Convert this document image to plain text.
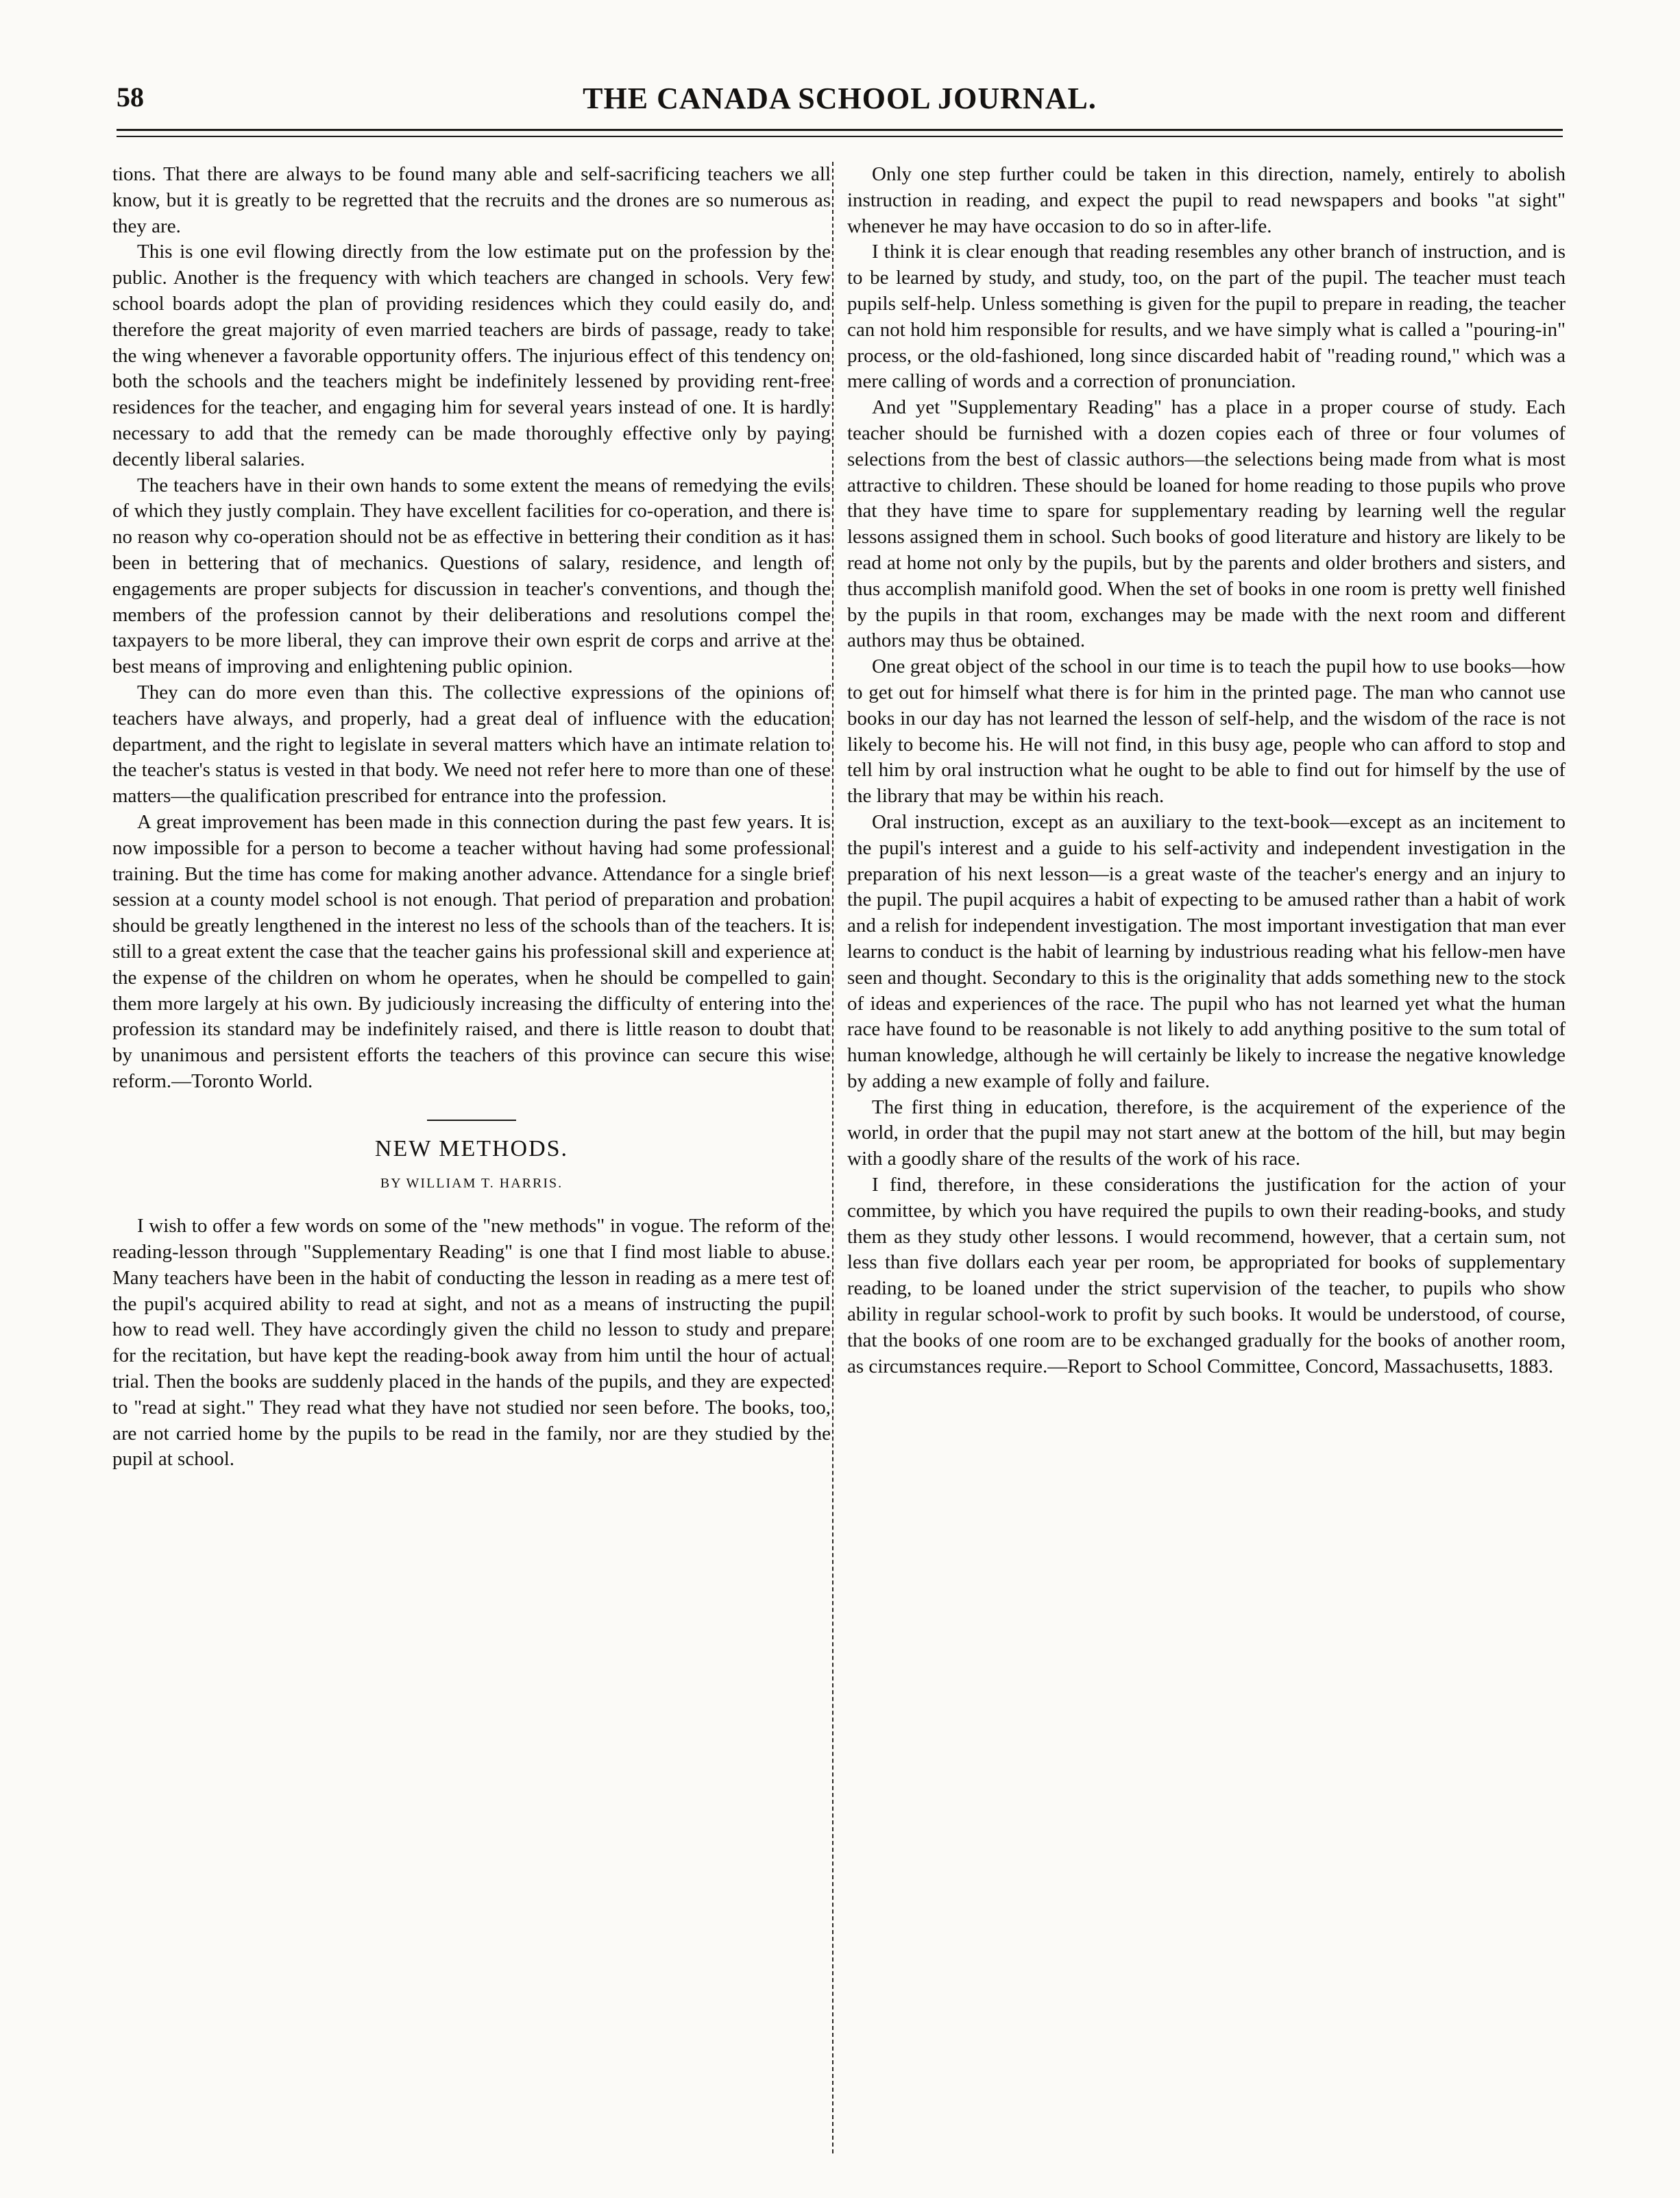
58	THE CANADA SCHOOL JOURNAL.

tions. That there are always to be found many able and self-sacrificing teachers we all know, but it is greatly to be regretted that the recruits and the drones are so numerous as they are.

This is one evil flowing directly from the low estimate put on the profession by the public. Another is the frequency with which teachers are changed in schools. Very few school boards adopt the plan of providing residences which they could easily do, and therefore the great majority of even married teachers are birds of passage, ready to take the wing whenever a favorable opportunity offers. The injurious effect of this tendency on both the schools and the teachers might be indefinitely lessened by providing rent-free residences for the teacher, and engaging him for several years instead of one. It is hardly necessary to add that the remedy can be made thoroughly effective only by paying decently liberal salaries.

The teachers have in their own hands to some extent the means of remedying the evils of which they justly complain. They have excellent facilities for co-operation, and there is no reason why co-operation should not be as effective in bettering their condition as it has been in bettering that of mechanics. Questions of salary, residence, and length of engagements are proper subjects for discussion in teacher's conventions, and though the members of the profession cannot by their deliberations and resolutions compel the taxpayers to be more liberal, they can improve their own esprit de corps and arrive at the best means of improving and enlightening public opinion.

They can do more even than this. The collective expressions of the opinions of teachers have always, and properly, had a great deal of influence with the education department, and the right to legislate in several matters which have an intimate relation to the teacher's status is vested in that body. We need not refer here to more than one of these matters—the qualification prescribed for entrance into the profession.

A great improvement has been made in this connection during the past few years. It is now impossible for a person to become a teacher without having had some professional training. But the time has come for making another advance. Attendance for a single brief session at a county model school is not enough. That period of preparation and probation should be greatly lengthened in the interest no less of the schools than of the teachers. It is still to a great extent the case that the teacher gains his professional skill and experience at the expense of the children on whom he operates, when he should be compelled to gain them more largely at his own. By judiciously increasing the difficulty of entering into the profession its standard may be indefinitely raised, and there is little reason to doubt that by unanimous and persistent efforts the teachers of this province can secure this wise reform.—Toronto World.

NEW METHODS.
BY WILLIAM T. HARRIS.

I wish to offer a few words on some of the "new methods" in vogue. The reform of the reading-lesson through "Supplementary Reading" is one that I find most liable to abuse. Many teachers have been in the habit of conducting the lesson in reading as a mere test of the pupil's acquired ability to read at sight, and not as a means of instructing the pupil how to read well. They have accordingly given the child no lesson to study and prepare for the recitation, but have kept the reading-book away from him until the hour of actual trial. Then the books are suddenly placed in the hands of the pupils, and they are expected to "read at sight." They read what they have not studied nor seen before. The books, too, are not carried home by the pupils to be read in the family, nor are they studied by the pupil at school.

Only one step further could be taken in this direction, namely, entirely to abolish instruction in reading, and expect the pupil to read newspapers and books "at sight" whenever he may have occasion to do so in after-life.

I think it is clear enough that reading resembles any other branch of instruction, and is to be learned by study, and study, too, on the part of the pupil. The teacher must teach pupils self-help. Unless something is given for the pupil to prepare in reading, the teacher can not hold him responsible for results, and we have simply what is called a "pouring-in" process, or the old-fashioned, long since discarded habit of "reading round," which was a mere calling of words and a correction of pronunciation.

And yet "Supplementary Reading" has a place in a proper course of study. Each teacher should be furnished with a dozen copies each of three or four volumes of selections from the best of classic authors—the selections being made from what is most attractive to children. These should be loaned for home reading to those pupils who prove that they have time to spare for supplementary reading by learning well the regular lessons assigned them in school. Such books of good literature and history are likely to be read at home not only by the pupils, but by the parents and older brothers and sisters, and thus accomplish manifold good. When the set of books in one room is pretty well finished by the pupils in that room, exchanges may be made with the next room and different authors may thus be obtained.

One great object of the school in our time is to teach the pupil how to use books—how to get out for himself what there is for him in the printed page. The man who cannot use books in our day has not learned the lesson of self-help, and the wisdom of the race is not likely to become his. He will not find, in this busy age, people who can afford to stop and tell him by oral instruction what he ought to be able to find out for himself by the use of the library that may be within his reach.

Oral instruction, except as an auxiliary to the text-book—except as an incitement to the pupil's interest and a guide to his self-activity and independent investigation in the preparation of his next lesson—is a great waste of the teacher's energy and an injury to the pupil. The pupil acquires a habit of expecting to be amused rather than a habit of work and a relish for independent investigation. The most important investigation that man ever learns to conduct is the habit of learning by industrious reading what his fellow-men have seen and thought. Secondary to this is the originality that adds something new to the stock of ideas and experiences of the race. The pupil who has not learned yet what the human race have found to be reasonable is not likely to add anything positive to the sum total of human knowledge, although he will certainly be likely to increase the negative knowledge by adding a new example of folly and failure.

The first thing in education, therefore, is the acquirement of the experience of the world, in order that the pupil may not start anew at the bottom of the hill, but may begin with a goodly share of the results of the work of his race.

I find, therefore, in these considerations the justification for the action of your committee, by which you have required the pupils to own their reading-books, and study them as they study other lessons. I would recommend, however, that a certain sum, not less than five dollars each year per room, be appropriated for books of supplementary reading, to be loaned under the strict supervision of the teacher, to pupils who show ability in regular school-work to profit by such books. It would be understood, of course, that the books of one room are to be exchanged gradually for the books of another room, as circumstances require.—Report to School Committee, Concord, Massachusetts, 1883.
